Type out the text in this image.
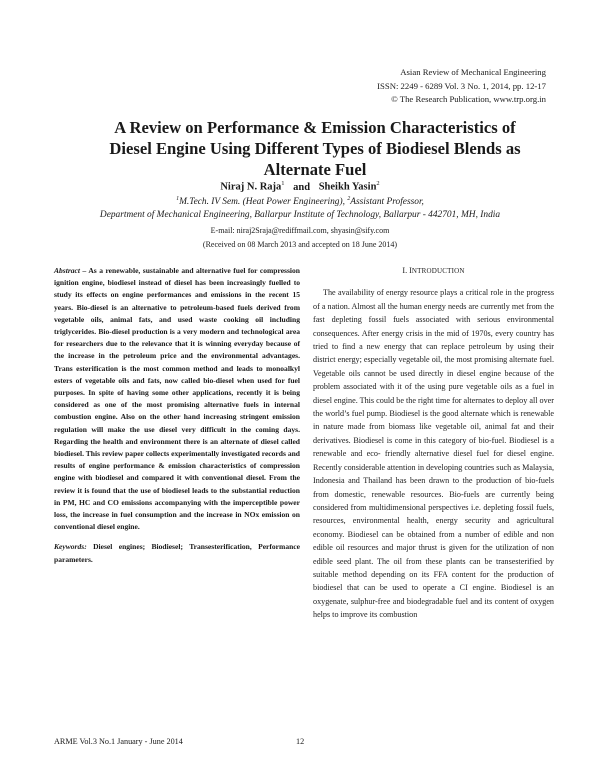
Asian Review of Mechanical Engineering
ISSN: 2249 - 6289 Vol. 3 No. 1, 2014, pp. 12-17
© The Research Publication, www.trp.org.in
A Review on Performance & Emission Characteristics of
Diesel Engine Using Different Types of Biodiesel Blends as
Alternate Fuel
Niraj N. Raja$^1$ and Sheikh Yasin$^2$
$^1$M.Tech. IV Sem. (Heat Power Engineering), $^2$Assistant Professor,
Department of Mechanical Engineering, Ballarpur Institute of Technology, Ballarpur - 442701, MH, India
E-mail: niraj2Sraja@rediffmail.com, shyasin@sify.com
(Received on 08 March 2013 and accepted on 18 June 2014)

Abstract – As a renewable, sustainable and alternative fuel for compression ignition engine, biodiesel instead of diesel has been increasingly fuelled to study its effects on engine performances and emissions in the recent 15 years. Bio-diesel is an alternative to petroleum-based fuels derived from vegetable oils, animal fats, and used waste cooking oil including triglycerides. Bio-diesel production is a very modern and technological area for researchers due to the relevance that it is winning everyday because of the increase in the petroleum price and the environmental advantages. Trans esterification is the most common method and leads to monoalkyl esters of vegetable oils and fats, now called bio-diesel when used for fuel purposes. In spite of having some other applications, recently it is being considered as one of the most promising alternative fuels in internal combustion engine. Also on the other hand increasing stringent emission regulation will make the use diesel very difficult in the coming days. Regarding the health and environment there is an alternate of diesel called biodiesel. This review paper collects experimentally investigated records and results of engine performance & emission characteristics of compression engine with biodiesel and compared it with conventional diesel. From the review it is found that the use of biodiesel leads to the substantial reduction in PM, HC and CO emissions accompanying with the imperceptible power loss, the increase in fuel consumption and the increase in NOx emission on conventional diesel engine.

Keywords: Diesel engines; Biodiesel; Transesterification, Performance parameters.

I. INTRODUCTION

The availability of energy resource plays a critical role in the progress of a nation. Almost all the human energy needs are currently met from the fast depleting fossil fuels associated with serious environmental consequences. After energy crisis in the mid of 1970s, every country has tried to find a new energy that can replace petroleum by using their district energy; especially vegetable oil, the most promising alternate fuel. Vegetable oils cannot be used directly in diesel engine because of the problem associated with it of the using pure vegetable oils as a fuel in diesel engine. This could be the right time for alternates to deploy all over the world’s fuel pump. Biodiesel is the good alternate which is renewable in nature made from biomass like vegetable oil, animal fat and their derivatives. Biodiesel is come in this category of bio-fuel. Biodiesel is a renewable and eco- friendly alternative diesel fuel for diesel engine. Recently considerable attention in developing countries such as Malaysia, Indonesia and Thailand has been drawn to the production of bio-fuels from domestic, renewable resources. Bio-fuels are currently being considered from multidimensional perspectives i.e. depleting fossil fuels, resources, environmental health, energy security and agricultural economy. Biodiesel can be obtained from a number of edible and non edible oil resources and major thrust is given for the utilization of non edible seed plant. The oil from these plants can be transesterified by suitable method depending on its FFA content for the production of biodiesel that can be used to operate a CI engine. Biodiesel is an oxygenate, sulphur-free and biodegradable fuel and its content of oxygen helps to improve its combustion

ARME Vol.3 No.1 January - June 2014	12
